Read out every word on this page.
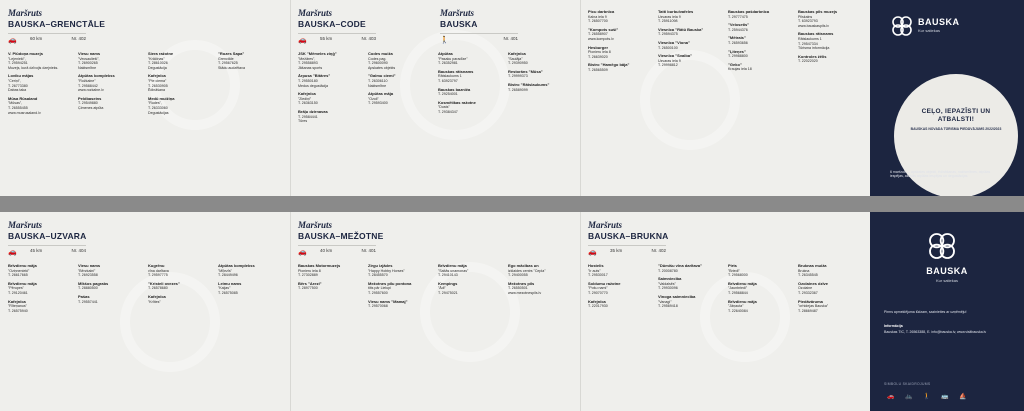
Maršruts
BAUSKA–GRENCTĀLE
🚗	60 km	Nr. 402
V. Plūdoņa muzejs
"Lejenieki",
T. 29594251
Muzejs, kurā dzīvojis dzejnieks.
Loviku mājas
"Ceriņi",
T. 26773380
Dabas taka
Mūsa Rūsaland
"Mūsas",
T. 26555455
www.musrusaland.lv
Viesu nams
"Vecsaulieši",
T. 26900265
Naktsmītne
Atpūtas komplekss
"Rožkalne"
T. 29588442
www.rozkalne.lv
Peldbaseins
T. 29549880
Ģimenes atpūta
Siera ražotne
"Krāčiņas"
T. 28610026
Degustācija
Kafejnīca
"Pie ciema"
T. 26530905
Ēdināšana
Medū muižiņa
"Rudes",
T. 26333060
Degustācijas
"Rozes Sapa"
Grenctāle
T. 29567625
Stādu audzētava
Maršruts
BAUSKA–CODE
🚗	55 km	Nr. 403
JSK "Mēmeles ziņģ"
"Mežāres",
T. 29558893
Jāšanas sports
Ārpusa "Bitāres"
T. 29550180
Medus degustācija
Kafejnīca
"Ziediņi"
T. 26363150
Brāļu dzirnavas
T. 29584441
Tūres
Codes muiža
Codes pag.
T. 29600090
Apskates objekts
"Galmu ciemi"
T. 26306110
Naktsmītne
Atpūtas māja
"Ozoli"
T. 29593400
Atpūtas
"Pasaku paradīze"
T. 26352981
Bauskas rātsnams
Rātslaukums 1
T. 63923797
Bauskas bazniča
T. 29254001
Kosmētikas ražotne
"Dusts"
T. 29384347
Kafejnīca
"Saulāja"
T. 29390950
Restorāns "Mūsa"
T. 29999373
Bistro "Rātslaukums"
T. 26589099
Picu darbnīca
Kalna iela 9
T. 26507700
"Kompots suši"
T. 26558907
www.kompots.lv
Hesburger
Pionieru iela 8
T. 26639020
Bistro "Hamēgo bāja"
T. 26565509
Tatti burbulvafeles
Uzvaras iela 9
T. 25911098
Viesnīca "Rātū Bauska"
T. 29594375
Viesnīca "Viona"
T. 26500100
Viesnīca "Svalba"
Uzvaras iela 9
T. 29998812
Bauskas pašdarbnīca
T. 29777475
"Velosetis"
T. 25944376
"Mētrais"
T. 26593656
"Ļiteņes"
T. 29988800
"Geko"
Kraujas iela 18
Bauskas pils muzejs
Pilskalns
T. 63923793
www.bauskaspils.lv
Bauskas rātsnams
Rātslaukums 1
T. 29547334
Tūrisma informācija
Kontroles žēlis
T. 22022020
Maršruts
BAUSKA
🚶	Nr. 401
Maršruts
BAUSKA–UZVARA
🚗	45 km	Nr. 404
Brīvdienu māja
"Oziņnenieki"
T. 26617665
Brīvdienu māja
"Pērupes"
T. 29120461
Kafejnīca
"Rīteņanus"
T. 26575940
Viesu nams
"Bērzkalni"
T. 26923558
Mīkšos pagrabs
T. 28880500
Pašas
T. 29557441
Kugrēnu
vīna darītava
T. 29597775
"Kristeli ovezes"
T. 26578680
Kafejnīca
"Krīties"
Atpūtas komplekss
"Mīļezīs"
T. 28449496
Leimu nams
"Kaijas"
T. 26575085
Maršruts
BAUSKA–MEŽOTNE
🚗	40 km	Nr. 401
Bauskas Motormuzejs
Pionieru iela 8
T. 27302889
Bērs "Arezi"
T. 28977500
Zirgu izjādes
"Happy Hobby Horses"
T. 28455570
Mežotnes pilu pontona
tilts pār Lielupi
T. 29557600
Viesu nams "Mamaj"
T. 29570068
Brīvdienu māja
"Saltās unamonas"
T. 29410143
Kempings
"Ādi"
T. 29475021
Ego mācības un
izklaides centrs "Cepla"
T. 29400055
Mežotnes pils
T. 26550501
www.mezotnespils.lv
Maršruts
BAUSKA–BRUKNA
🚗	35 km	Nr. 402
Hostelis
"Ir auts"
T. 29530017
Soldumu ražotne
"Pošu nami"
T. 29070770
Kafejnīca
T. 22017930
"Dūmišu vīna darītava"
T. 20008780
Saimniecība
"Valdalsēs"
T. 29930096
Vīnoga saimniecība
"Vanagi"
T. 29569418
Pirts
"Briedi"
T. 29568000
Brīvdienu māja
"Jaunbriedi"
T. 29568844
Brīvdienu māja
"Jāņauta"
T. 22640084
Bruknas muiža
Brukna
T. 26345545
Ozolaines dzīve
Ozolaine
T. 29332367
Piedāvāruma
"orhidejas Bauska"
T. 28669487
BAUSKA
Kur satiekas
CEĻO, IEPAZĪSTI UN ATBALSTI!
BAUSKAS NOVADA TŪRISMA PIEDĀVĀJUMS 2022/2023
6 maršruti — apskates objekti, ēdināšanas, naktsmītnes, atpūtas iespējas, aktīvās atpūtas iespējas un degustācijas.
BAUSKA
Kur satiekas
Pirms apmeklējuma lūdzam, sazinieties ar uzņēmēju!
Informācija
Bauskas TIC, T. 26563388, E. info@bauska.lv, www.visitbauska.lv
SIMBOLU SKAIDROJUMS
🚗	🚲	🚶	🚌	⛵
